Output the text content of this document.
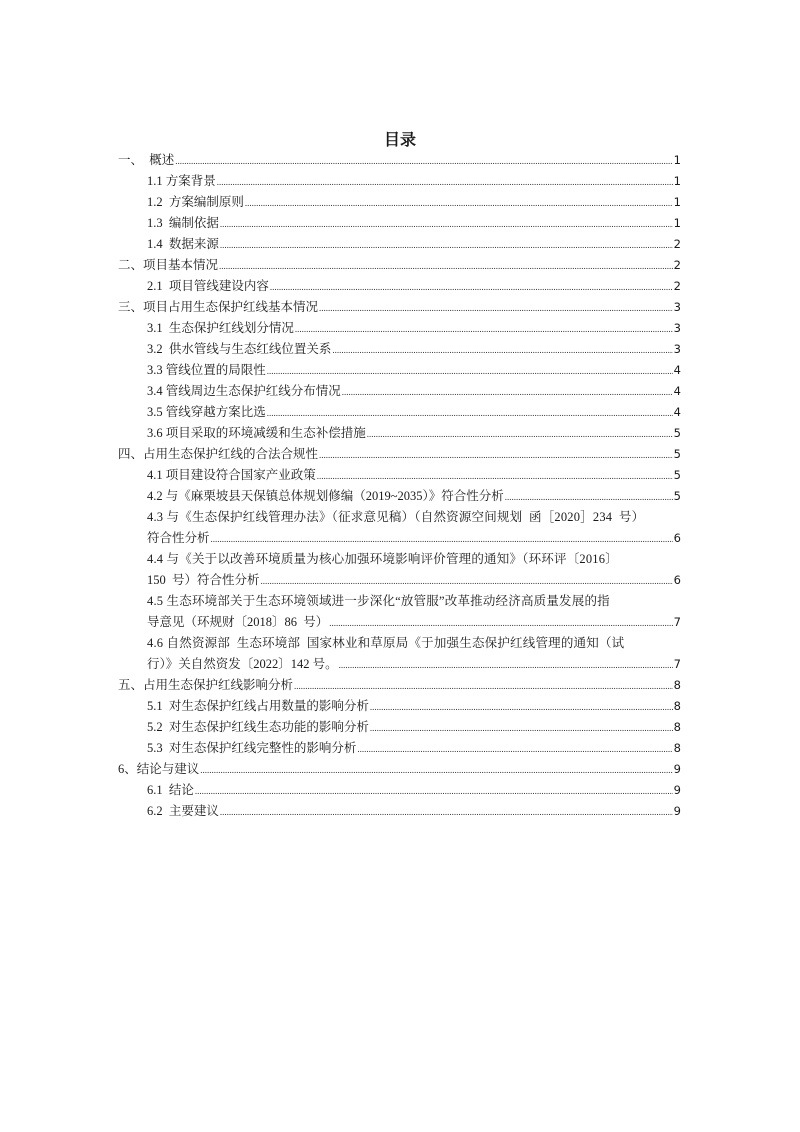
目录
一、  概述 .....	1
1.1 方案背景 .....	1
1.2  方案编制原则 .....	1
1.3  编制依据 .....	1
1.4  数据来源 .....	2
二、项目基本情况 .....	2
2.1  项目管线建设内容 .....	2
三、项目占用生态保护红线基本情况 .....	3
3.1  生态保护红线划分情况 .....	3
3.2  供水管线与生态红线位置关系 .....	3
3.3 管线位置的局限性 .....	4
3.4 管线周边生态保护红线分布情况 .....	4
3.5 管线穿越方案比选 .....	4
3.6 项目采取的环境减缓和生态补偿措施 .....	5
四、占用生态保护红线的合法合规性 .....	5
4.1 项目建设符合国家产业政策 .....	5
4.2 与《麻栗坡县天保镇总体规划修编（2019~2035）》符合性分析 .....	5
4.3 与《生态保护红线管理办法》（征求意见稿）（自然资源空间规划  函［2020］234  号）
符合性分析 .....	6
4.4 与《关于以改善环境质量为核心加强环境影响评价管理的通知》（环环评〔2016〕
150  号）符合性分析 .....	6
4.5 生态环境部关于生态环境领域进一步深化“放管服”改革推动经济高质量发展的指
导意见（环规财〔2018〕86  号） .....	7
4.6 自然资源部  生态环境部  国家林业和草原局《于加强生态保护红线管理的通知（试
行）》关自然资发〔2022〕142 号。 .....	7
五、占用生态保护红线影响分析 .....	8
5.1  对生态保护红线占用数量的影响分析 .....	8
5.2  对生态保护红线生态功能的影响分析 .....	8
5.3  对生态保护红线完整性的影响分析 .....	8
6、结论与建议 .....	9
6.1  结论 .....	9
6.2  主要建议 .....	9
